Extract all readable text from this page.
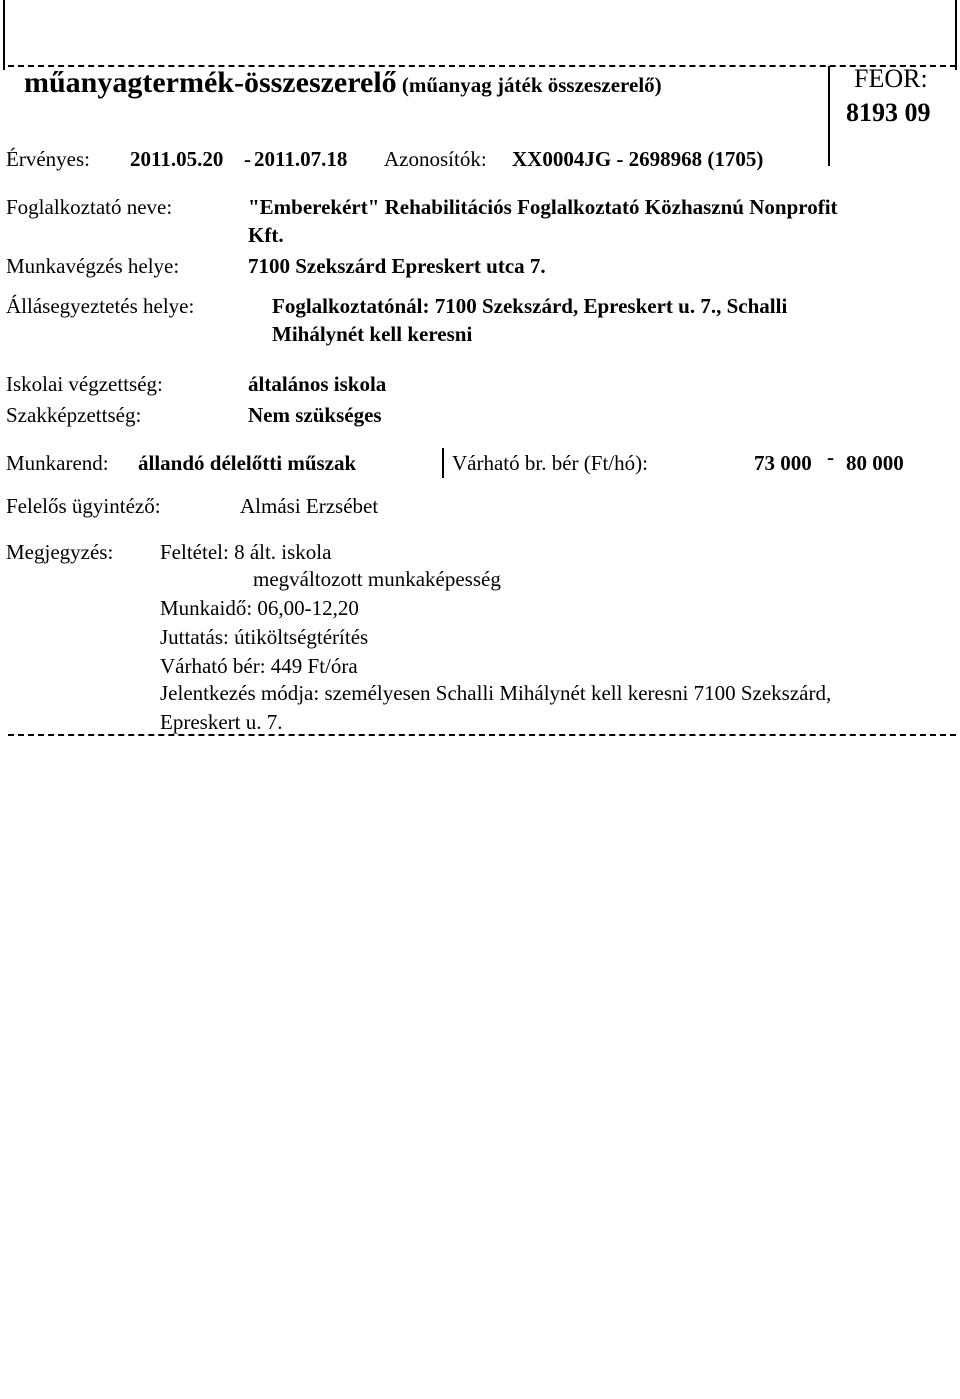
műanyagtermék-összeszerelő (műanyag játék összeszerelő)	FEOR:
8193 09
Érvényes: 2011.05.20 - 2011.07.18 Azonosítók: XX0004JG - 2698968 (1705)
Foglalkoztató neve:	"Emberekért" Rehabilitációs Foglalkoztató Közhasznú Nonprofit
Kft.
Munkavégzés helye:	7100 Szekszárd Epreskert utca 7.
Állásegyeztetés helye:	Foglalkoztatónál: 7100 Szekszárd, Epreskert u. 7., Schalli
Mihálynét kell keresni
Iskolai végzettség:	általános iskola
Szakképzettség:	Nem szükséges
Munkarend: állandó délelőtti műszak	Várható br. bér (Ft/hó):	73 000 - 80 000
Felelős ügyintéző:	Almási Erzsébet
Megjegyzés: Feltétel: 8 ált. iskola
megváltozott munkaképesség
Munkaidő: 06,00-12,20
Juttatás: útiköltségtérítés
Várható bér: 449 Ft/óra
Jelentkezés módja: személyesen Schalli Mihálynét kell keresni 7100 Szekszárd,
Epreskert u. 7.
